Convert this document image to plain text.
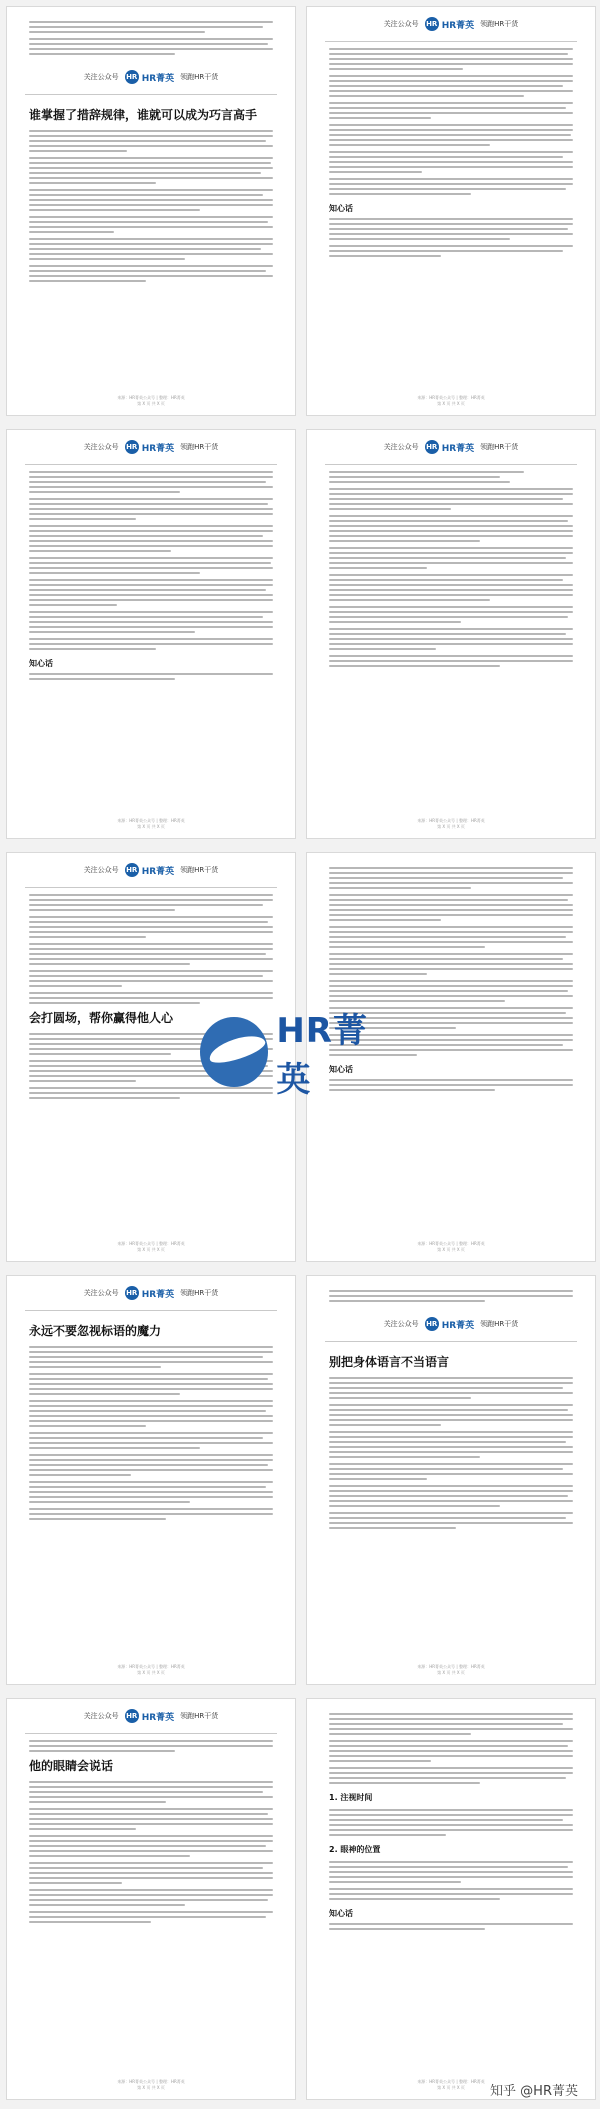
关注公众号 HR HR菁英 领跑HR干货
谁掌握了措辞规律，谁就可以成为巧言高手
来源：HR菁英公众号 | 整理：HR菁英
第 X 页 共 X 页
关注公众号 HR HR菁英 领跑HR干货
知心话
来源：HR菁英公众号 | 整理：HR菁英
第 X 页 共 X 页
关注公众号 HR HR菁英 领跑HR干货
知心话
来源：HR菁英公众号 | 整理：HR菁英
第 X 页 共 X 页
关注公众号 HR HR菁英 领跑HR干货
来源：HR菁英公众号 | 整理：HR菁英
第 X 页 共 X 页
关注公众号 HR HR菁英 领跑HR干货
会打圆场，帮你赢得他人心
来源：HR菁英公众号 | 整理：HR菁英
第 X 页 共 X 页
知心话
来源：HR菁英公众号 | 整理：HR菁英
第 X 页 共 X 页
关注公众号 HR HR菁英 领跑HR干货
永远不要忽视标语的魔力
来源：HR菁英公众号 | 整理：HR菁英
第 X 页 共 X 页
关注公众号 HR HR菁英 领跑HR干货
别把身体语言不当语言
来源：HR菁英公众号 | 整理：HR菁英
第 X 页 共 X 页
关注公众号 HR HR菁英 领跑HR干货
他的眼睛会说话
来源：HR菁英公众号 | 整理：HR菁英
第 X 页 共 X 页
1. 注视时间
2. 眼神的位置
知心话
来源：HR菁英公众号 | 整理：HR菁英
第 X 页 共 X 页
HR菁英
知乎 @HR菁英
